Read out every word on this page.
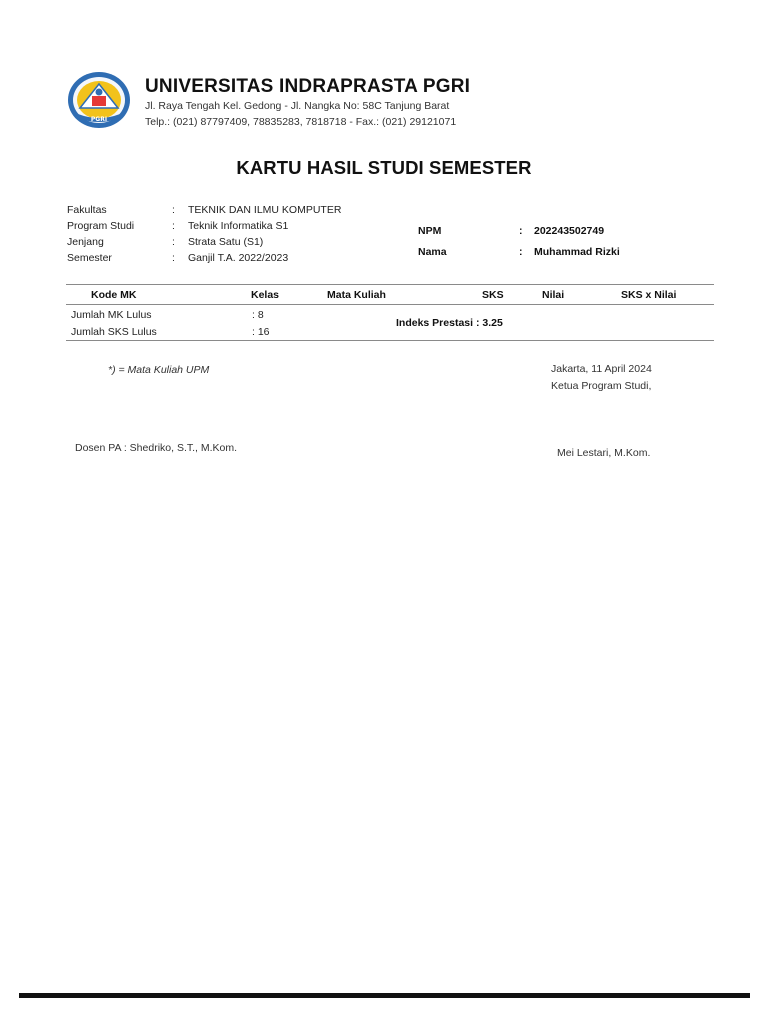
PGRI
UNIVERSITAS INDRAPRASTA PGRI
Jl. Raya Tengah Kel. Gedong - Jl. Nangka No: 58C Tanjung Barat
Telp.: (021) 87797409, 78835283, 7818718 - Fax.: (021) 29121071
KARTU HASIL STUDI SEMESTER
Fakultas	: TEKNIK DAN ILMU KOMPUTER
Program Studi	: Teknik Informatika S1
Jenjang	: Strata Satu (S1)
Semester	: Ganjil T.A. 2022/2023
NPM	: 202243502749
Nama	: Muhammad Rizki
Kode MK	Kelas	Mata Kuliah	SKS	Nilai	SKS x Nilai
Jumlah MK Lulus	: 8
Jumlah SKS Lulus	: 16
Indeks Prestasi : 3.25
*) = Mata Kuliah UPM	Jakarta, 11 April 2024
Ketua Program Studi,
Dosen PA : Shedriko, S.T., M.Kom.	Mei Lestari, M.Kom.
